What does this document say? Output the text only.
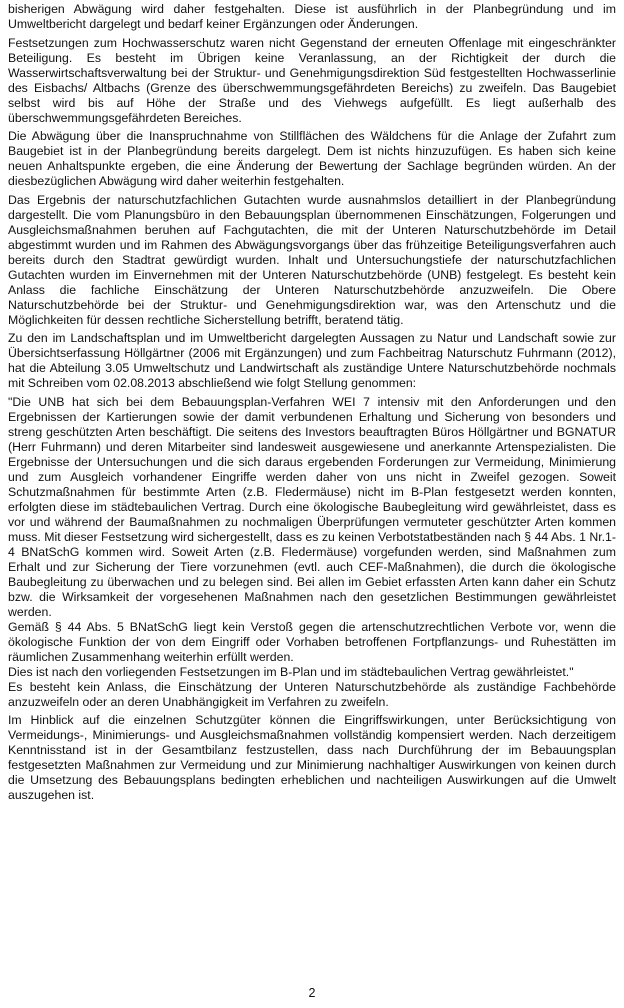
bisherigen Abwägung wird daher festgehalten. Diese ist ausführlich in der Planbegründung und im Umweltbericht dargelegt und bedarf keiner Ergänzungen oder Änderungen.

Festsetzungen zum Hochwasserschutz waren nicht Gegenstand der erneuten Offenlage mit eingeschränkter Beteiligung. Es besteht im Übrigen keine Veranlassung, an der Richtigkeit der durch die Wasserwirtschaftsverwaltung bei der Struktur- und Genehmigungsdirektion Süd festgestellten Hochwasserlinie des Eisbachs/ Altbachs (Grenze des überschwemmungsgefährdeten Bereichs) zu zweifeln. Das Baugebiet selbst wird bis auf Höhe der Straße und des Viehwegs aufgefüllt. Es liegt außerhalb des überschwemmungsgefährdeten Bereiches.

Die Abwägung über die Inanspruchnahme von Stillflächen des Wäldchens für die Anlage der Zufahrt zum Baugebiet ist in der Planbegründung bereits dargelegt. Dem ist nichts hinzuzufügen. Es haben sich keine neuen Anhaltspunkte ergeben, die eine Änderung der Bewertung der Sachlage begründen würden. An der diesbezüglichen Abwägung wird daher weiterhin festgehalten.

Das Ergebnis der naturschutzfachlichen Gutachten wurde ausnahmslos detailliert in der Planbegründung dargestellt. Die vom Planungsbüro in den Bebauungsplan übernommenen Einschätzungen, Folgerungen und Ausgleichsmaßnahmen beruhen auf Fachgutachten, die mit der Unteren Naturschutzbehörde im Detail abgestimmt wurden und im Rahmen des Abwägungsvorgangs über das frühzeitige Beteiligungsverfahren auch bereits durch den Stadtrat gewürdigt wurden. Inhalt und Untersuchungstiefe der naturschutzfachlichen Gutachten wurden im Einvernehmen mit der Unteren Naturschutzbehörde (UNB) festgelegt. Es besteht kein Anlass die fachliche Einschätzung der Unteren Naturschutzbehörde anzuzweifeln. Die Obere Naturschutzbehörde bei der Struktur- und Genehmigungsdirektion war, was den Artenschutz und die Möglichkeiten für dessen rechtliche Sicherstellung betrifft, beratend tätig.

Zu den im Landschaftsplan und im Umweltbericht dargelegten Aussagen zu Natur und Landschaft sowie zur Übersichtserfassung Höllgärtner (2006 mit Ergänzungen) und zum Fachbeitrag Naturschutz Fuhrmann (2012), hat die Abteilung 3.05 Umweltschutz und Landwirtschaft als zuständige Untere Naturschutzbehörde nochmals mit Schreiben vom 02.08.2013 abschließend wie folgt Stellung genommen:

"Die UNB hat sich bei dem Bebauungsplan-Verfahren WEI 7 intensiv mit den Anforderungen und den Ergebnissen der Kartierungen sowie der damit verbundenen Erhaltung und Sicherung von besonders und streng geschützten Arten beschäftigt. Die seitens des Investors beauftragten Büros Höllgärtner und BGNATUR (Herr Fuhrmann) und deren Mitarbeiter sind landesweit ausgewiesene und anerkannte Artenspezialisten. Die Ergebnisse der Untersuchungen und die sich daraus ergebenden Forderungen zur Vermeidung, Minimierung und zum Ausgleich vorhandener Eingriffe werden daher von uns nicht in Zweifel gezogen. Soweit Schutzmaßnahmen für bestimmte Arten (z.B. Fledermäuse) nicht im B-Plan festgesetzt werden konnten, erfolgten diese im städtebaulichen Vertrag. Durch eine ökologische Baubegleitung wird gewährleistet, dass es vor und während der Baumaßnahmen zu nochmaligen Überprüfungen vermuteter geschützter Arten kommen muss. Mit dieser Festsetzung wird sichergestellt, dass es zu keinen Verbotstatbeständen nach § 44 Abs. 1 Nr.1-4 BNatSchG kommen wird. Soweit Arten (z.B. Fledermäuse) vorgefunden werden, sind Maßnahmen zum Erhalt und zur Sicherung der Tiere vorzunehmen (evtl. auch CEF-Maßnahmen), die durch die ökologische Baubegleitung zu überwachen und zu belegen sind. Bei allen im Gebiet erfassten Arten kann daher ein Schutz bzw. die Wirksamkeit der vorgesehenen Maßnahmen nach den gesetzlichen Bestimmungen gewährleistet werden.

Gemäß § 44 Abs. 5 BNatSchG liegt kein Verstoß gegen die artenschutzrechtlichen Verbote vor, wenn die ökologische Funktion der von dem Eingriff oder Vorhaben betroffenen Fortpflanzungs- und Ruhestätten im räumlichen Zusammenhang weiterhin erfüllt werden.

Dies ist nach den vorliegenden Festsetzungen im B-Plan und im städtebaulichen Vertrag gewährleistet."

Es besteht kein Anlass, die Einschätzung der Unteren Naturschutzbehörde als zuständige Fachbehörde anzuzweifeln oder an deren Unabhängigkeit im Verfahren zu zweifeln.

Im Hinblick auf die einzelnen Schutzgüter können die Eingriffswirkungen, unter Berücksichtigung von Vermeidungs-, Minimierungs- und Ausgleichsmaßnahmen vollständig kompensiert werden. Nach derzeitigem Kenntnisstand ist in der Gesamtbilanz festzustellen, dass nach Durchführung der im Bebauungsplan festgesetzten Maßnahmen zur Vermeidung und zur Minimierung nachhaltiger Auswirkungen von keinen durch die Umsetzung des Bebauungsplans bedingten erheblichen und nachteiligen Auswirkungen auf die Umwelt auszugehen ist.

2
